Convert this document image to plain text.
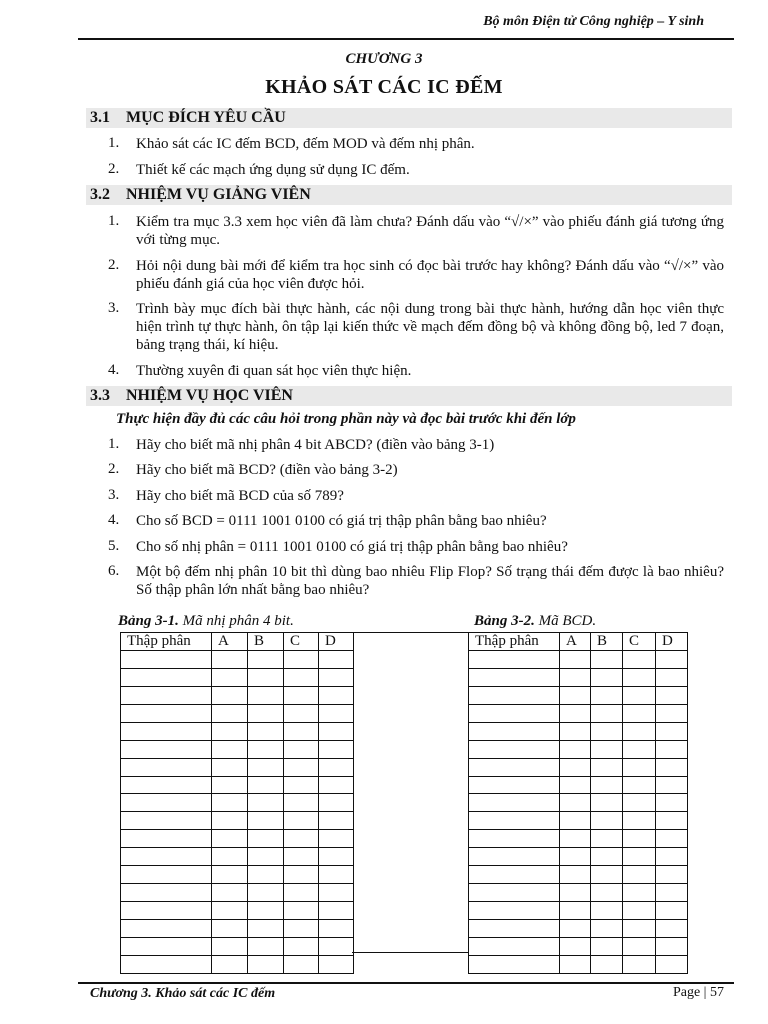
Bộ môn Điện tử Công nghiệp – Y sinh
CHƯƠNG 3
KHẢO SÁT CÁC IC ĐẾM
3.1 MỤC ĐÍCH YÊU CẦU
1. Khảo sát các IC đếm BCD, đếm MOD và đếm nhị phân.
2. Thiết kế các mạch ứng dụng sử dụng IC đếm.
3.2 NHIỆM VỤ GIẢNG VIÊN
1. Kiểm tra mục 3.3 xem học viên đã làm chưa? Đánh dấu vào “√/×” vào phiếu đánh giá tương ứng với từng mục.
2. Hỏi nội dung bài mới để kiểm tra học sinh có đọc bài trước hay không? Đánh dấu vào “√/×” vào phiếu đánh giá của học viên được hỏi.
3. Trình bày mục đích bài thực hành, các nội dung trong bài thực hành, hướng dẫn học viên thực hiện trình tự thực hành, ôn tập lại kiến thức về mạch đếm đồng bộ và không đồng bộ, led 7 đoạn, bảng trạng thái, kí hiệu.
4. Thường xuyên đi quan sát học viên thực hiện.
3.3 NHIỆM VỤ HỌC VIÊN
Thực hiện đầy đủ các câu hỏi trong phần này và đọc bài trước khi đến lớp
1. Hãy cho biết mã nhị phân 4 bit ABCD? (điền vào bảng 3-1)
2. Hãy cho biết mã BCD? (điền vào bảng 3-2)
3. Hãy cho biết mã BCD của số 789?
4. Cho số BCD = 0111 1001 0100 có giá trị thập phân bằng bao nhiêu?
5. Cho số nhị phân = 0111 1001 0100 có giá trị thập phân bằng bao nhiêu?
6. Một bộ đếm nhị phân 10 bit thì dùng bao nhiêu Flip Flop? Số trạng thái đếm được là bao nhiêu? Số thập phân lớn nhất bằng bao nhiêu?
Bảng 3-1. Mã nhị phân 4 bit.	Bảng 3-2. Mã BCD.
Thập phân	A	B	C	D

					Thập phân	A	B	C	D

Chương 3. Khảo sát các IC đếm	Page | 57
